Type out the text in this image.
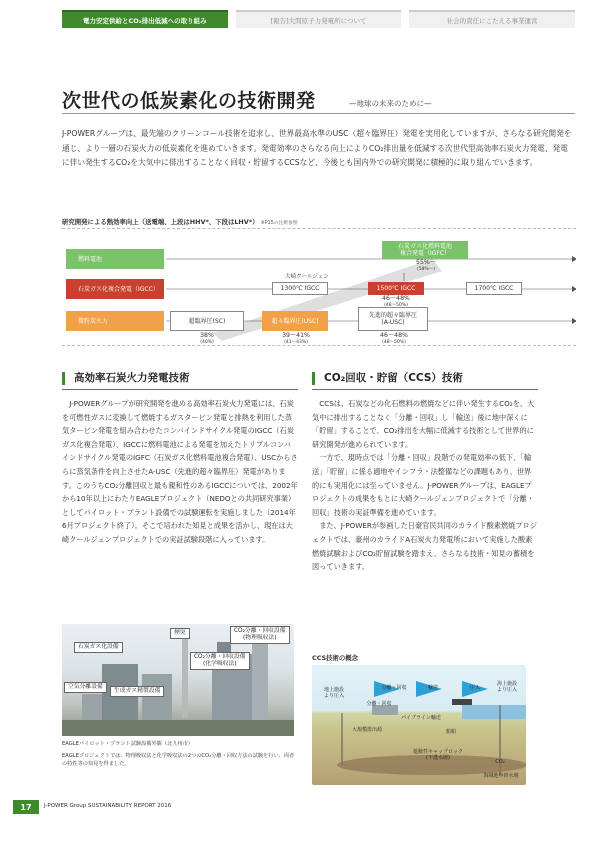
電力安定供給とCO₂排出低減への取り組み	[報告]大間原子力発電所について	社会的責任にこたえる事業運営
次世代の低炭素化の技術開発	—地球の未来のために—
J-POWERグループは、最先端のクリーンコール技術を追求し、世界最高水準のUSC（超々臨界圧）発電を実用化していますが、さらなる研究開発を通じ、より一層の石炭火力の低炭素化を進めていきます。発電効率のさらなる向上によりCO₂排出量を低減する次世代型高効率石炭火力発電、発電に伴い発生するCO₂を大気中に排出することなく回収・貯留するCCSなど、今後とも国内外での研究開発に積極的に取り組んでいきます。
研究開発による熱効率向上（送電端、上段はHHV*、下段はLHV*） ※P15の注釈参照
燃料電池
石炭ガス化複合発電（IGCC）
微粉炭火力	超臨界圧(SC)	超々臨界圧(USC)
先進的超々臨界圧
(A-USC)
1300℃ IGCC
大崎クールジェン
1500℃ IGCC	1700℃ IGCC
石炭ガス化燃料電池
複合発電（IGFC）
38%
(40%)
39〜41%
(41〜43%)
46〜48%
(48〜50%)
46〜48%
(48〜50%)
55%〜
(58%〜)
高効率石炭火力発電技術
J-POWERグループが研究開発を進める高効率石炭火力発電には、石炭を可燃性ガスに変換して燃焼するガスタービン発電と排熱を利用した蒸気タービン発電を組み合わせたコンバインドサイクル発電のIGCC（石炭ガス化複合発電）、IGCCに燃料電池による発電を加えたトリプルコンバインドサイクル発電のIGFC（石炭ガス化燃料電池複合発電）、USCからさらに蒸気条件を向上させたA-USC（先進的超々臨界圧）発電があります。このうちCO₂分離回収と最も親和性のあるIGCCについては、2002年から10年以上にわたりEAGLEプロジェクト（NEDOとの共同研究事業）としてパイロット・プラント設備での試験運転を実施しました（2014年6月プロジェクト終了）。そこで培われた知見と成果を活かし、現在は大崎クールジェンプロジェクトでの実証試験段階に入っています。
CO₂回収・貯留（CCS）技術

CCSは、石炭などの化石燃料の燃焼などに伴い発生するCO₂を、大気中に排出することなく「分離・回収」し「輸送」後に地中深くに「貯留」することで、CO₂排出を大幅に低減する技術として世界的に研究開発が進められています。

一方で、現時点では「分離・回収」段階での発電効率の低下、「輸送」「貯留」に係る適地やインフラ・法整備などの課題もあり、世界的にも実用化には至っていません。J-POWERグループは、EAGLEプロジェクトの成果をもとに大崎クールジェンプロジェクトで「分離・回収」技術の実証準備を進めています。

また、J-POWERが参画した日豪官民共同のカライド酸素燃焼プロジェクトでは、豪州のカライドA石炭火力発電所において実施した酸素燃焼試験およびCO₂貯留試験を踏まえ、さらなる技術・知見の蓄積を図っていきます。

石炭ガス化設備
煙突	CO₂分離・回収設備
(物理吸収法)
CO₂分離・回収設備
(化学吸収法)
空気分離設備
生成ガス精製設備
EAGLEパイロット・プラント試験設備外観（北九州市）
EAGLEプロジェクトでは、物理吸収法と化学吸収法の2つのCO₂分離・回収方法の試験を行い、両者の特性等の知見を得ました。
CCS技術の概念
分離・回収	輸送	圧入
地上施設
より圧入
分離・回収
パイプライン輸送
海上施設
より圧入
大規模排出源	船舶
遮蔽性キャップロック
(不透水層)
CO₂
海域地中帯水層
17	J-POWER Group SUSTAINABILITY REPORT 2016
